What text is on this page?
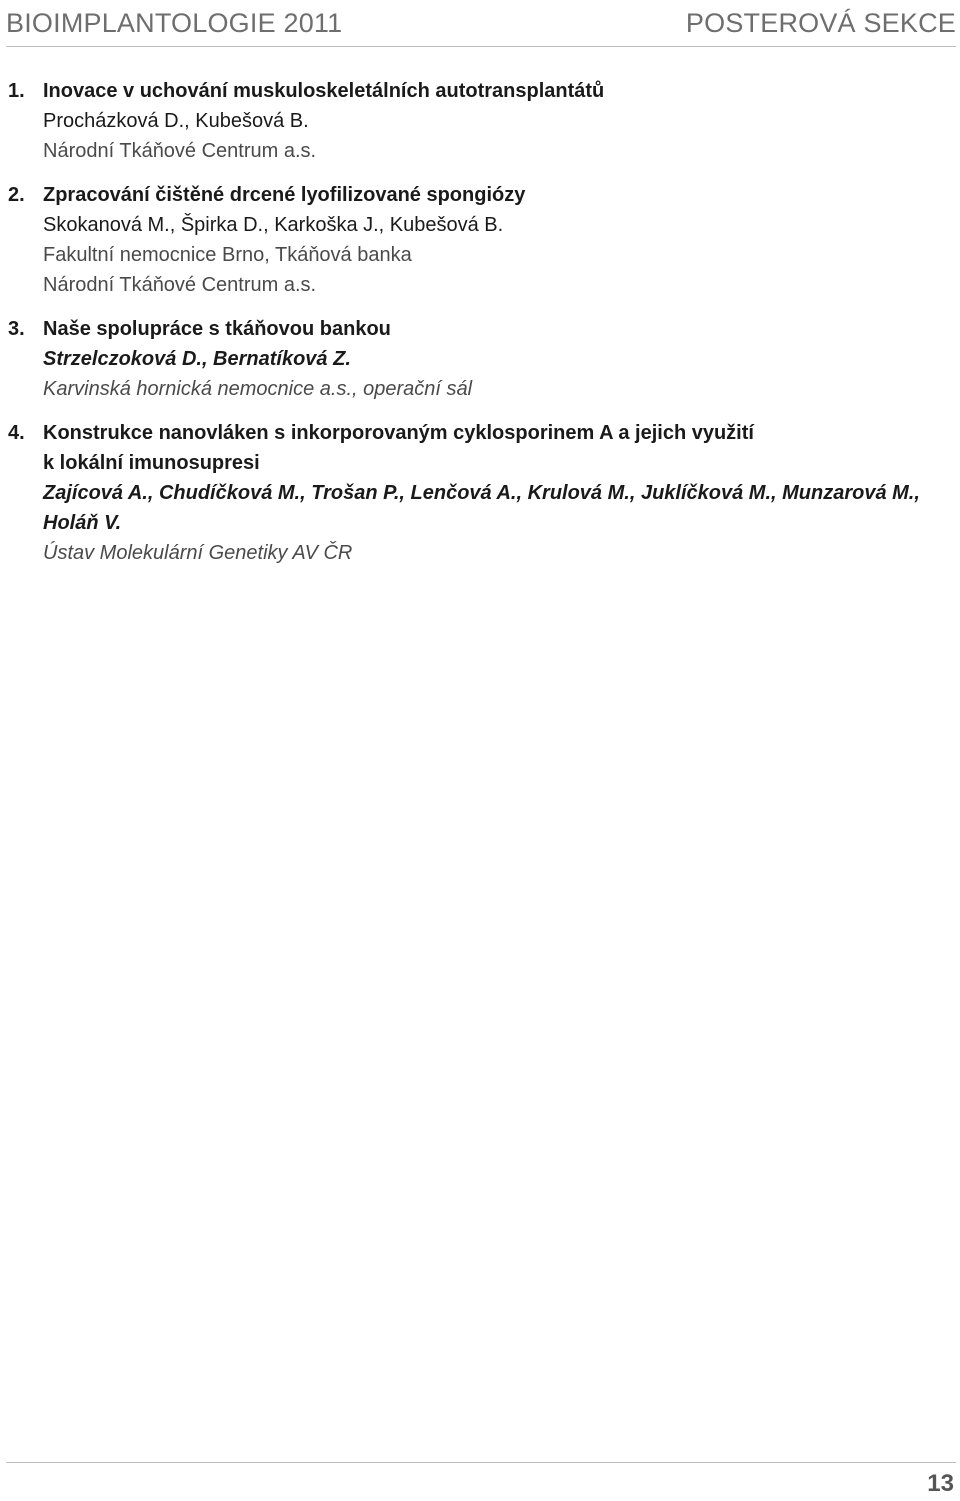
BIOIMPLANTOLOGIE 2011	POSTEROVÁ SEKCE
1. Inovace v uchování muskuloskeletálních autotransplantátů
Procházková D., Kubešová B.
Národní Tkáňové Centrum a.s.
2. Zpracování čištěné drcené lyofilizované spongiózy
Skokanová M., Špirka D., Karkoška J., Kubešová B.
Fakultní nemocnice Brno, Tkáňová banka
Národní Tkáňové Centrum a.s.
3. Naše spolupráce s tkáňovou bankou
Strzelczoková D., Bernatíková Z.
Karvinská hornická nemocnice a.s., operační sál
4. Konstrukce nanovláken s inkorporovaným cyklosporinem A a jejich využití
k lokální imunosupresi
Zajícová A., Chudíčková M., Trošan P., Lenčová A., Krulová M., Juklíčková M., Munzarová M.,
Holáň V.
Ústav Molekulární Genetiky AV ČR
13
